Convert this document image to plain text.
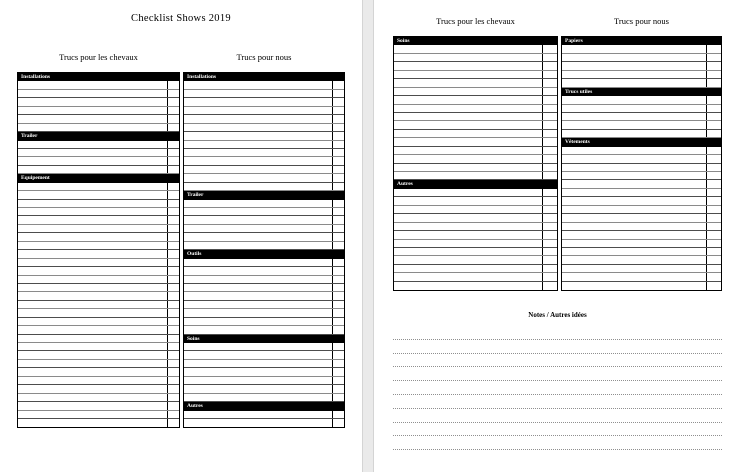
Checklist Shows 2019
Trucs pour les chevaux	Trucs pour nous
Installations
Trailer
Equipement
Installations
Trailer
Outils
Soins
Autres
Trucs pour les chevaux	Trucs pour nous
Soins
Autres
Papiers
Trucs utiles
Vêtements
Notes / Autres idées
